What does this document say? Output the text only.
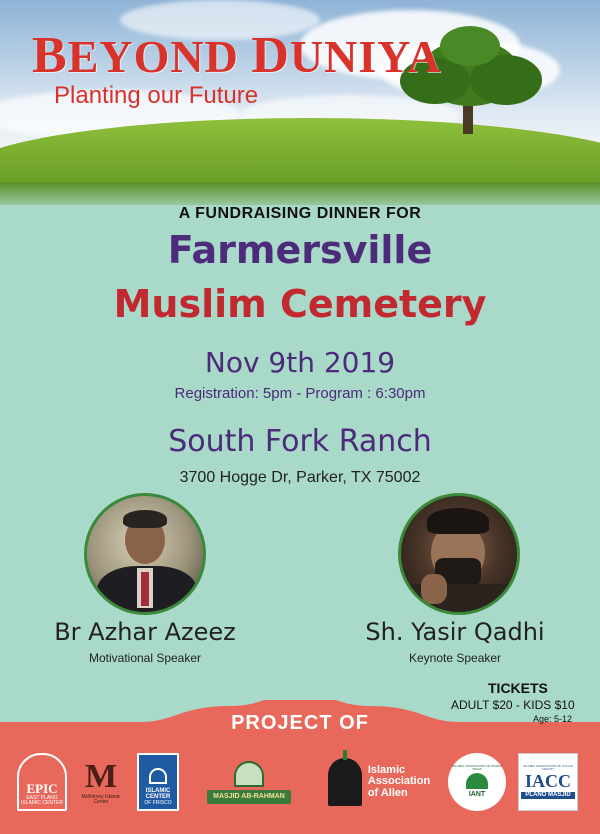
BEYOND DUNIYA
Planting our Future
A FUNDRAISING DINNER FOR
Farmersville
Muslim Cemetery
Nov 9th 2019
Registration: 5pm - Program : 6:30pm
South Fork Ranch
3700 Hogge Dr, Parker, TX 75002
Br Azhar Azeez
Motivational Speaker
Sh. Yasir Qadhi
Keynote Speaker
TICKETS
ADULT $20 - KIDS $10
Age: 5-12
PROJECT OF
EPIC
EAST PLANO
ISLAMIC CENTER
M
McKinney Islamic
Center
ISLAMIC
CENTER
OF FRISCO
MASJID AB-RAHMAN
Islamic
Association
of Allen
ISLAMIC ASSOCIATION OF NORTH TEXAS
IANT
ISLAMIC ASSOCIATION OF COLLIN COUNTY
IACC
PLANO MASJID
